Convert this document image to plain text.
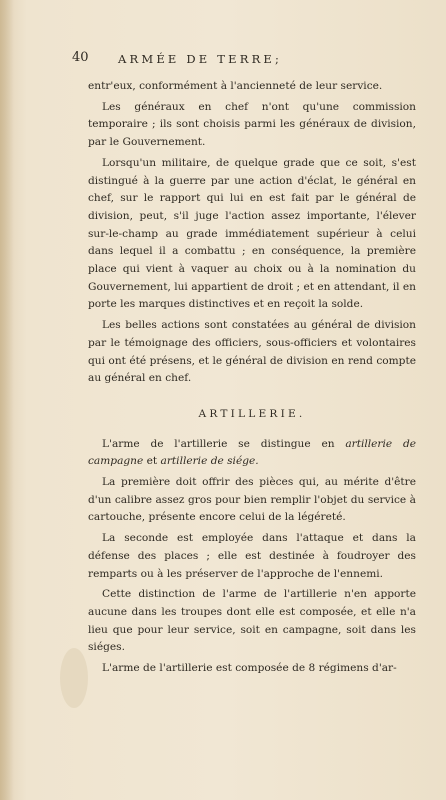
40	ARMÉE DE TERRE;

entr'eux, conformément à l'ancienneté de leur service.

Les généraux en chef n'ont qu'une commission temporaire ; ils sont choisis parmi les généraux de division, par le Gouvernement.

Lorsqu'un militaire, de quelque grade que ce soit, s'est distingué à la guerre par une action d'éclat, le général en chef, sur le rapport qui lui en est fait par le général de division, peut, s'il juge l'action assez importante, l'élever sur-le-champ au grade immédiatement supérieur à celui dans lequel il a combattu ; en conséquence, la première place qui vient à vaquer au choix ou à la nomination du Gouvernement, lui appartient de droit ; et en attendant, il en porte les marques distinctives et en reçoit la solde.

Les belles actions sont constatées au général de division par le témoignage des officiers, sous-officiers et volontaires qui ont été présens, et le général de division en rend compte au général en chef.

ARTILLERIE.

L'arme de l'artillerie se distingue en artillerie de campagne et artillerie de siége.

La première doit offrir des pièces qui, au mérite d'être d'un calibre assez gros pour bien remplir l'objet du service à cartouche, présente encore celui de la légéreté.

La seconde est employée dans l'attaque et dans la défense des places ; elle est destinée à foudroyer des remparts ou à les préserver de l'approche de l'ennemi.

Cette distinction de l'arme de l'artillerie n'en apporte aucune dans les troupes dont elle est composée, et elle n'a lieu que pour leur service, soit en campagne, soit dans les siéges.

L'arme de l'artillerie est composée de 8 régimens d'ar-
